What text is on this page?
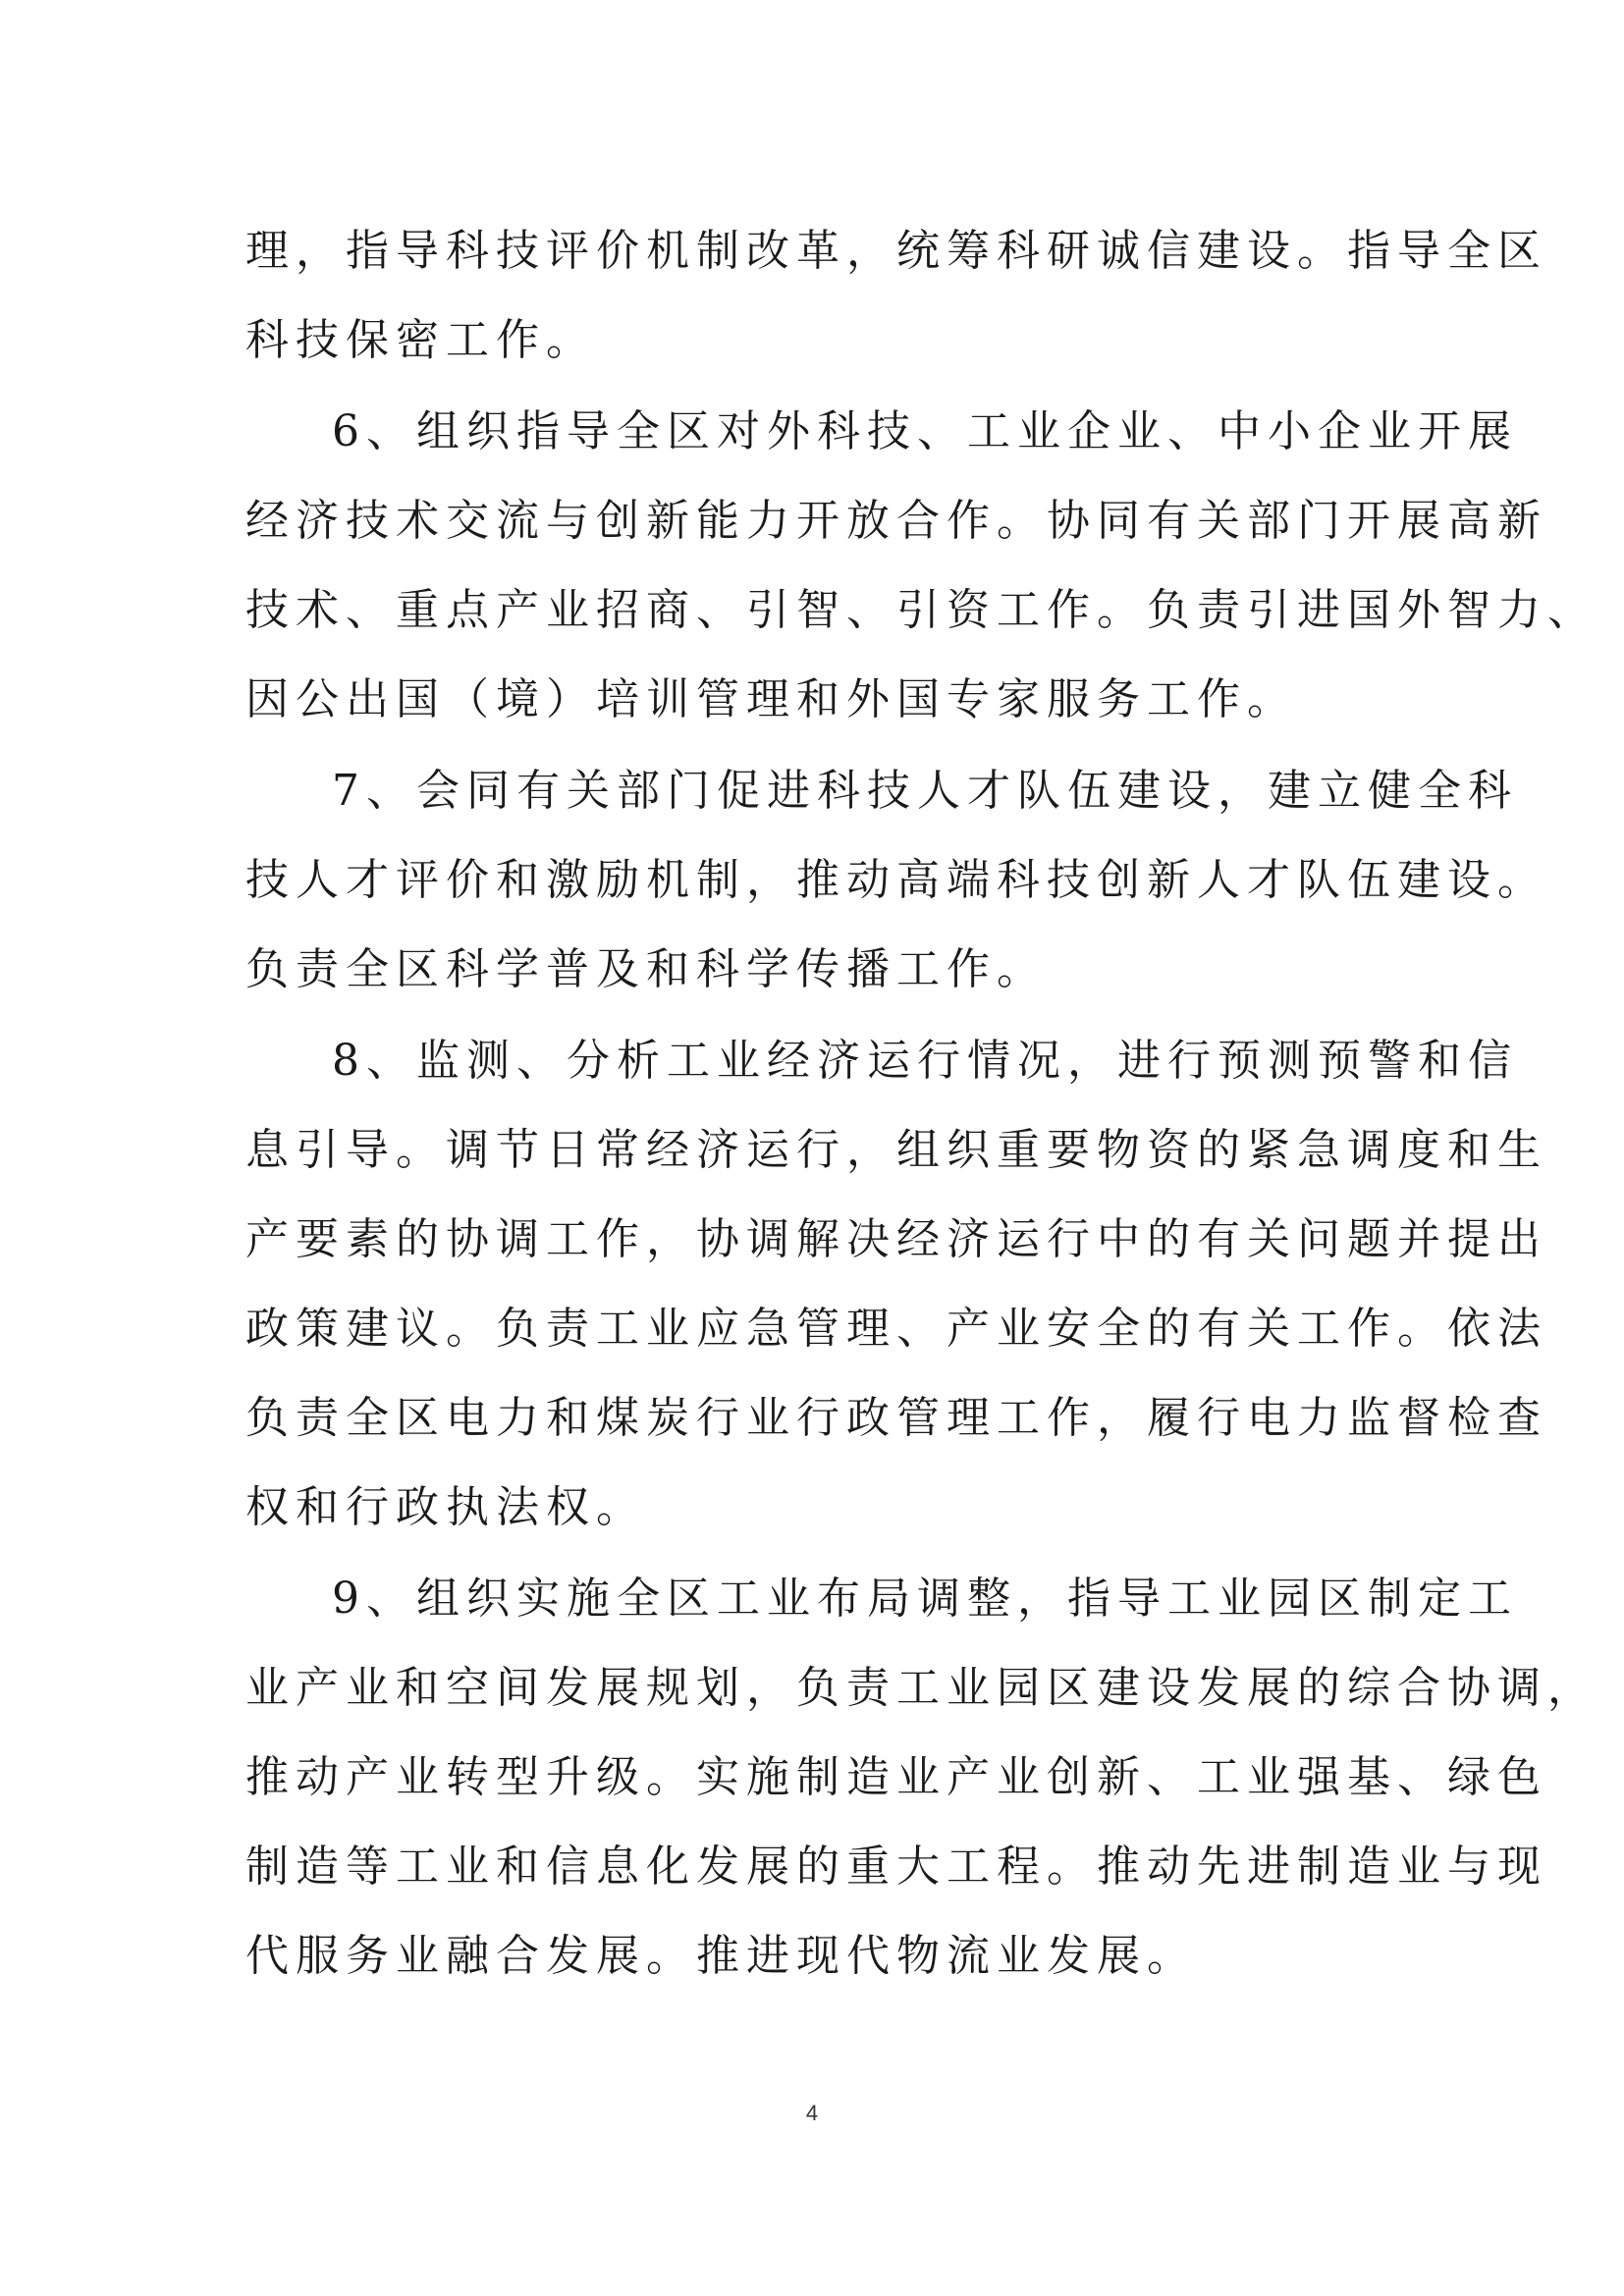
理，指导科技评价机制改革，统筹科研诚信建设。指导全区
科技保密工作。
6、组织指导全区对外科技、工业企业、中小企业开展
经济技术交流与创新能力开放合作。协同有关部门开展高新
技术、重点产业招商、引智、引资工作。负责引进国外智力、
因公出国（境）培训管理和外国专家服务工作。
7、会同有关部门促进科技人才队伍建设，建立健全科
技人才评价和激励机制，推动高端科技创新人才队伍建设。
负责全区科学普及和科学传播工作。
8、监测、分析工业经济运行情况，进行预测预警和信
息引导。调节日常经济运行，组织重要物资的紧急调度和生
产要素的协调工作，协调解决经济运行中的有关问题并提出
政策建议。负责工业应急管理、产业安全的有关工作。依法
负责全区电力和煤炭行业行政管理工作，履行电力监督检查
权和行政执法权。
9、组织实施全区工业布局调整，指导工业园区制定工
业产业和空间发展规划，负责工业园区建设发展的综合协调，
推动产业转型升级。实施制造业产业创新、工业强基、绿色
制造等工业和信息化发展的重大工程。推动先进制造业与现
代服务业融合发展。推进现代物流业发展。
4
